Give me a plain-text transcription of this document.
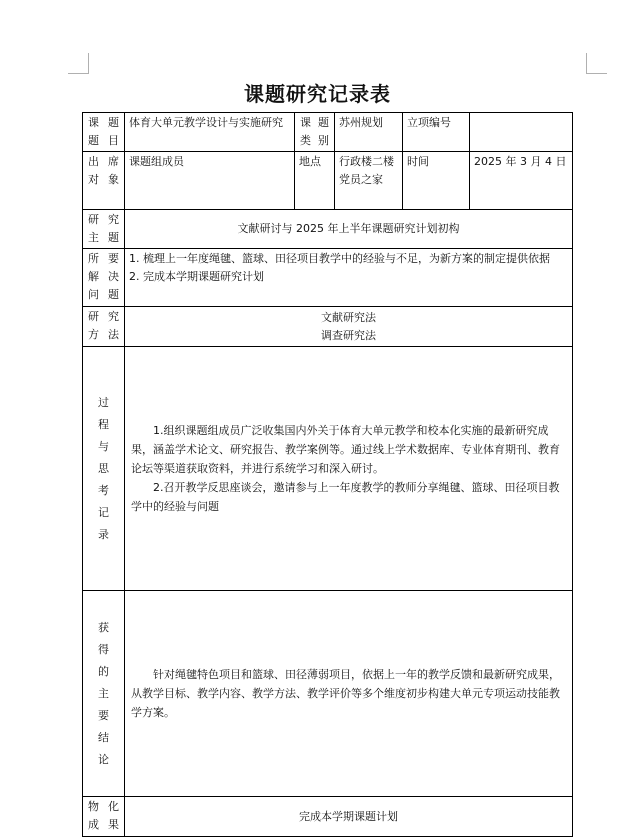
课题研究记录表
课 题 题目	体育大单元教学设计与实施研究	课 题 类别	苏州规划	立项编号	
出 席 对象	课题组成员	地点	行政楼二楼党员之家	时间	2025 年 3 月 4 日
研 究 主题	文献研讨与 2025 年上半年课题研究计划初构				
所 要 解 决 问题	1. 梳理上一年度绳毽、篮球、田径项目教学中的经验与不足，为新方案的制定提供依据

2. 完成本学期课题研究计划				

研 究 方法	文献研究法
调查研究法				

过程与思考记录	1.组织课题组成员广泛收集国内外关于体育大单元教学和校本化实施的最新研究成果，涵盖学术论文、研究报告、教学案例等。通过线上学术数据库、专业体育期刊、教育论坛等渠道获取资料，并进行系统学习和深入研讨。

2.召开教学反思座谈会，邀请参与上一年度教学的教师分享绳毽、篮球、田径项目教学中的经验与问题				

获得的主要结论	针对绳毽特色项目和篮球、田径薄弱项目，依据上一年的教学反馈和最新研究成果，从教学目标、教学内容、教学方法、教学评价等多个维度初步构建大单元专项运动技能教学方案。				

物 化 成果	完成本学期课题计划				
